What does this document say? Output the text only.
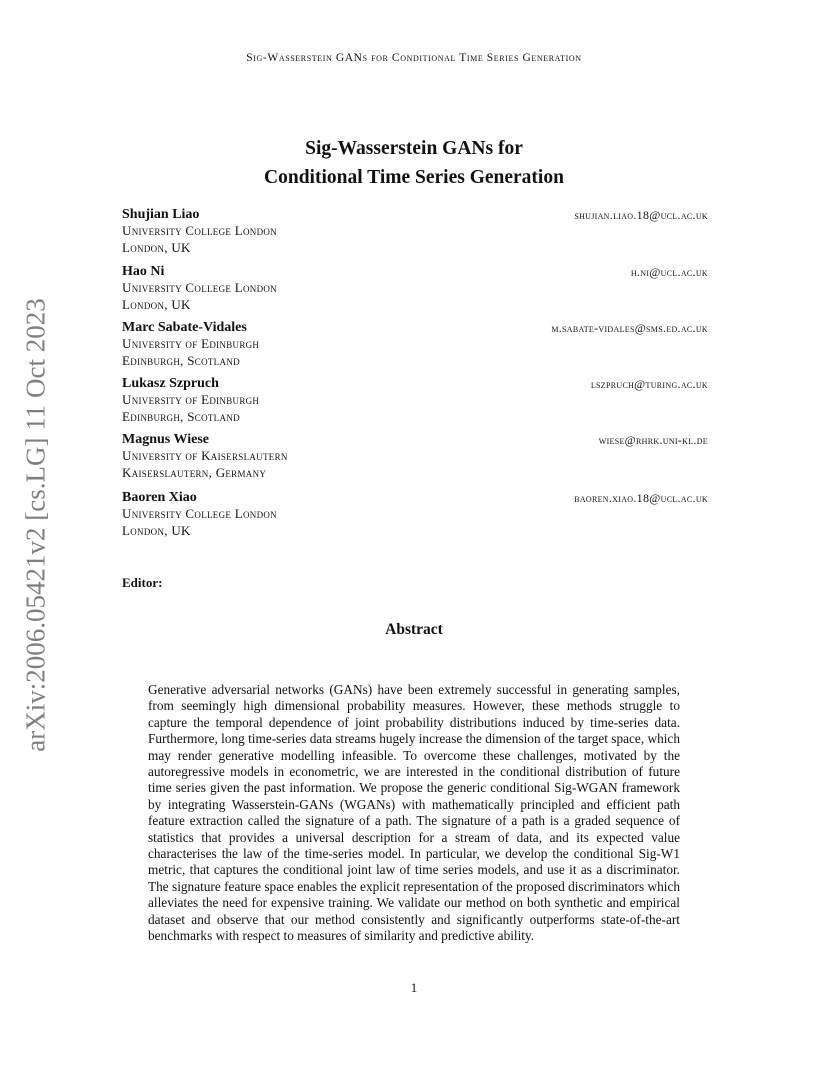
Sig-Wasserstein GANs for Conditional Time Series Generation
arXiv:2006.05421v2 [cs.LG] 11 Oct 2023
Sig-Wasserstein GANs for
Conditional Time Series Generation
Shujian Liao	shujian.liao.18@ucl.ac.uk
University College London
London, UK
Hao Ni	h.ni@ucl.ac.uk
University College London
London, UK
Marc Sabate-Vidales	m.sabate-vidales@sms.ed.ac.uk
University of Edinburgh
Edinburgh, Scotland
Lukasz Szpruch	lszpruch@turing.ac.uk
University of Edinburgh
Edinburgh, Scotland
Magnus Wiese	wiese@rhrk.uni-kl.de
University of Kaiserslautern
Kaiserslautern, Germany
Baoren Xiao	baoren.xiao.18@ucl.ac.uk
University College London
London, UK
Editor:
Abstract
Generative adversarial networks (GANs) have been extremely successful in generating samples, from seemingly high dimensional probability measures. However, these methods struggle to capture the temporal dependence of joint probability distributions induced by time-series data. Furthermore, long time-series data streams hugely increase the dimension of the target space, which may render generative modelling infeasible. To overcome these challenges, motivated by the autoregressive models in econometric, we are interested in the conditional distribution of future time series given the past information. We propose the generic conditional Sig-WGAN framework by integrating Wasserstein-GANs (WGANs) with mathematically principled and efficient path feature extraction called the signature of a path. The signature of a path is a graded sequence of statistics that provides a universal description for a stream of data, and its expected value characterises the law of the time-series model. In particular, we develop the conditional Sig-W1 metric, that captures the conditional joint law of time series models, and use it as a discriminator. The signature feature space enables the explicit representation of the proposed discriminators which alleviates the need for expensive training. We validate our method on both synthetic and empirical dataset and observe that our method consistently and significantly outperforms state-of-the-art benchmarks with respect to measures of similarity and predictive ability.
1
